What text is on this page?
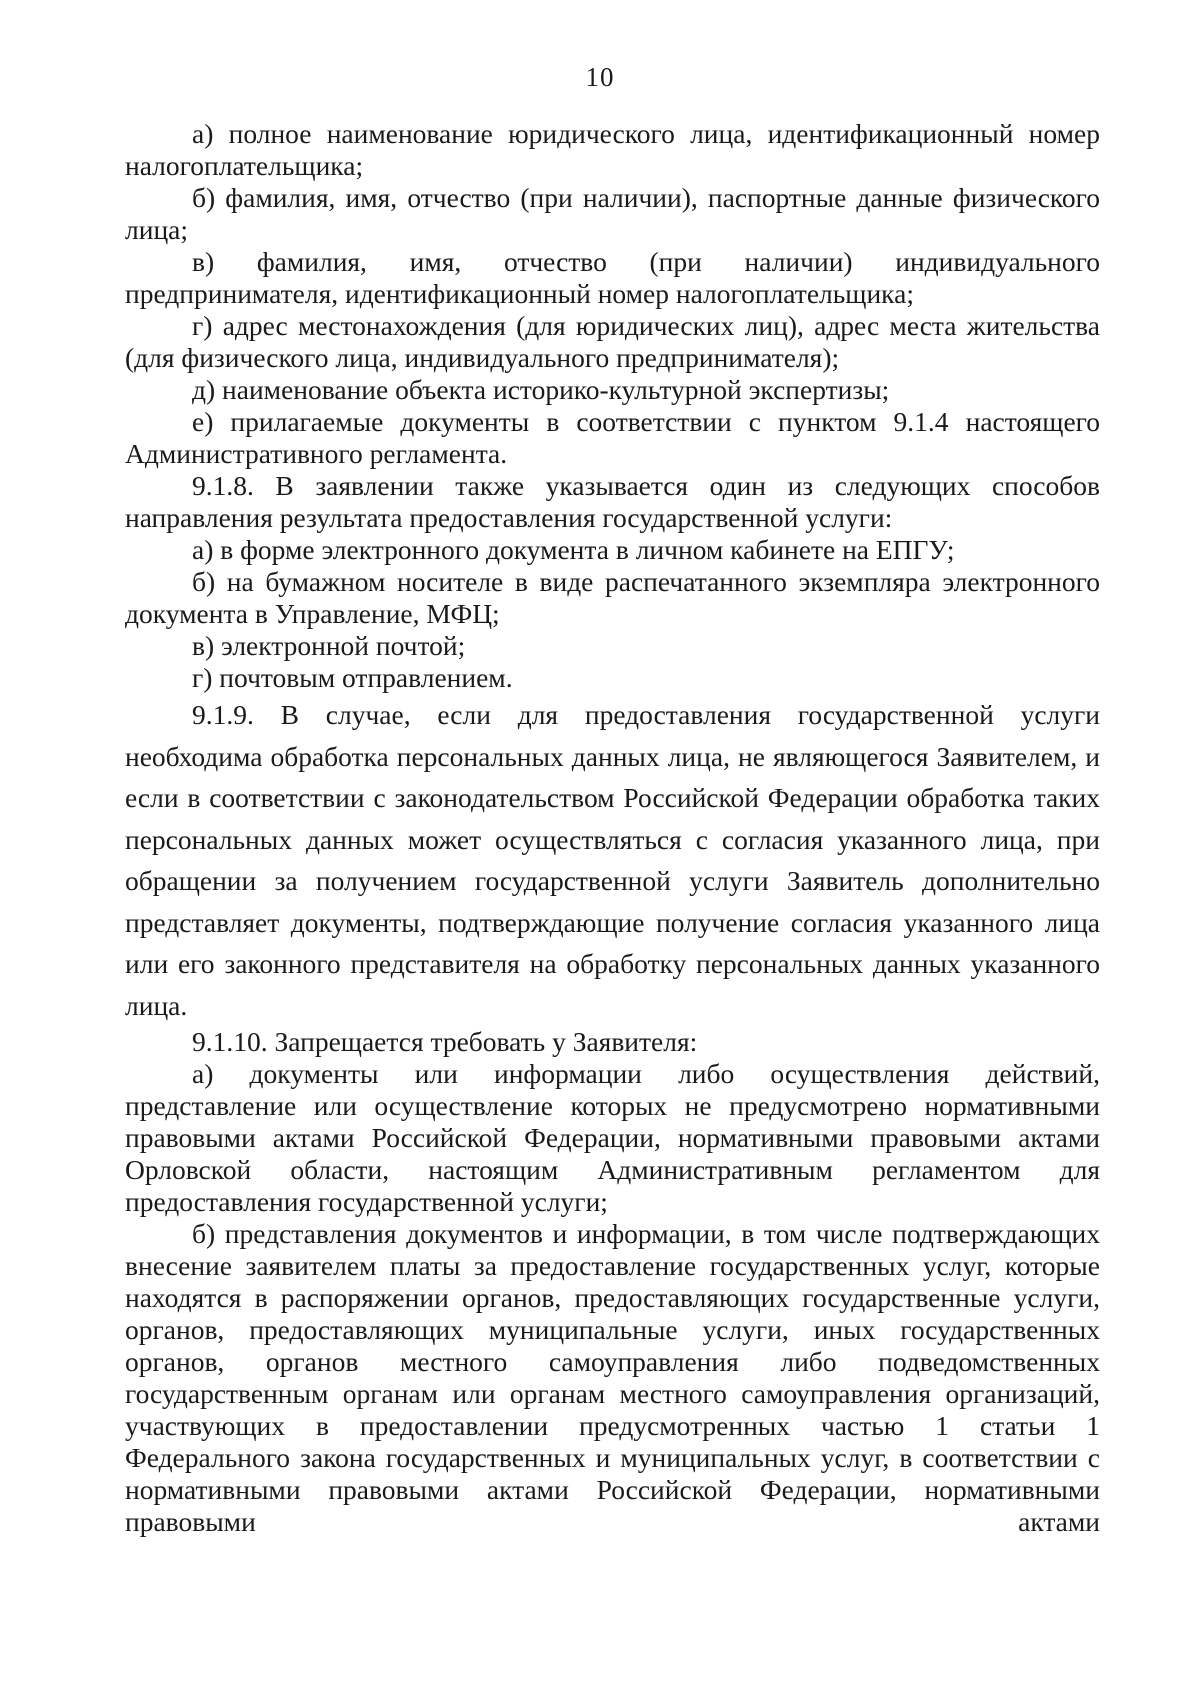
10

а) полное наименование юридического лица, идентификационный номер налогоплательщика;

б) фамилия, имя, отчество (при наличии), паспортные данные физического лица;

в) фамилия, имя, отчество (при наличии) индивидуального предпринимателя, идентификационный номер налогоплательщика;

г) адрес местонахождения (для юридических лиц), адрес места жительства (для физического лица, индивидуального предпринимателя);

д) наименование объекта историко-культурной экспертизы;

е) прилагаемые документы в соответствии с пунктом 9.1.4 настоящего Административного регламента.

9.1.8. В заявлении также указывается один из следующих способов направления результата предоставления государственной услуги:

а) в форме электронного документа в личном кабинете на ЕПГУ;

б) на бумажном носителе в виде распечатанного экземпляра электронного документа в Управление, МФЦ;

в) электронной почтой;

г) почтовым отправлением.

9.1.9. В случае, если для предоставления государственной услуги необходима обработка персональных данных лица, не являющегося Заявителем, и если в соответствии с законодательством Российской Федерации обработка таких персональных данных может осуществляться с согласия указанного лица, при обращении за получением государственной услуги Заявитель дополнительно представляет документы, подтверждающие получение согласия указанного лица или его законного представителя на обработку персональных данных указанного лица.

9.1.10. Запрещается требовать у Заявителя:

а) документы или информации либо осуществления действий, представление или осуществление которых не предусмотрено нормативными правовыми актами Российской Федерации, нормативными правовыми актами Орловской области, настоящим Административным регламентом для предоставления государственной услуги;

б) представления документов и информации, в том числе подтверждающих внесение заявителем платы за предоставление государственных услуг, которые находятся в распоряжении органов, предоставляющих государственные услуги, органов, предоставляющих муниципальные услуги, иных государственных органов, органов местного самоуправления либо подведомственных государственным органам или органам местного самоуправления организаций, участвующих в предоставлении предусмотренных частью 1 статьи 1 Федерального закона государственных и муниципальных услуг, в соответствии с нормативными правовыми актами Российской Федерации, нормативными правовыми актами
